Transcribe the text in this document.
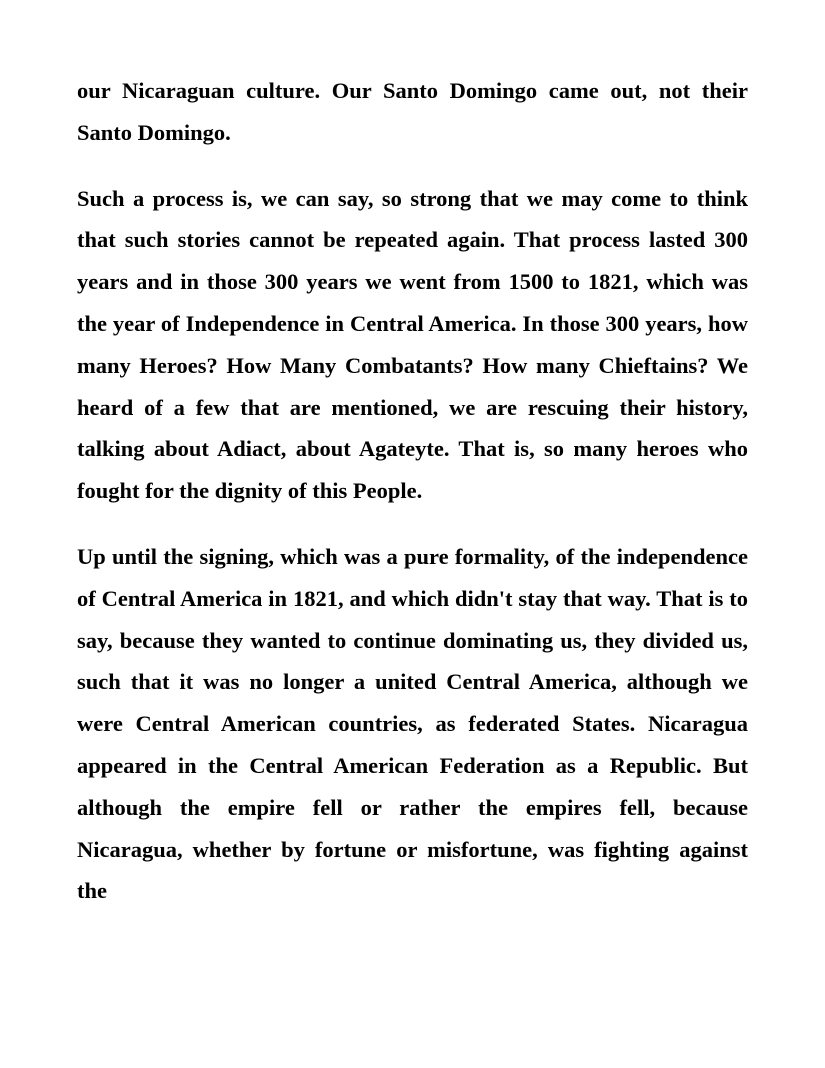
our Nicaraguan culture. Our Santo Domingo came out, not their Santo Domingo.

Such a process is, we can say, so strong that we may come to think that such stories cannot be repeated again. That process lasted 300 years and in those 300 years we went from 1500 to 1821, which was the year of Independence in Central America. In those 300 years, how many Heroes? How Many Combatants? How many Chieftains? We heard of a few that are mentioned, we are rescuing their history, talking about Adiact, about Agateyte. That is, so many heroes who fought for the dignity of this People.

Up until the signing, which was a pure formality, of the independence of Central America in 1821, and which didn't stay that way. That is to say, because they wanted to continue dominating us, they divided us, such that it was no longer a united Central America, although we were Central American countries, as federated States. Nicaragua appeared in the Central American Federation as a Republic. But although the empire fell or rather the empires fell, because Nicaragua, whether by fortune or misfortune, was fighting against the
